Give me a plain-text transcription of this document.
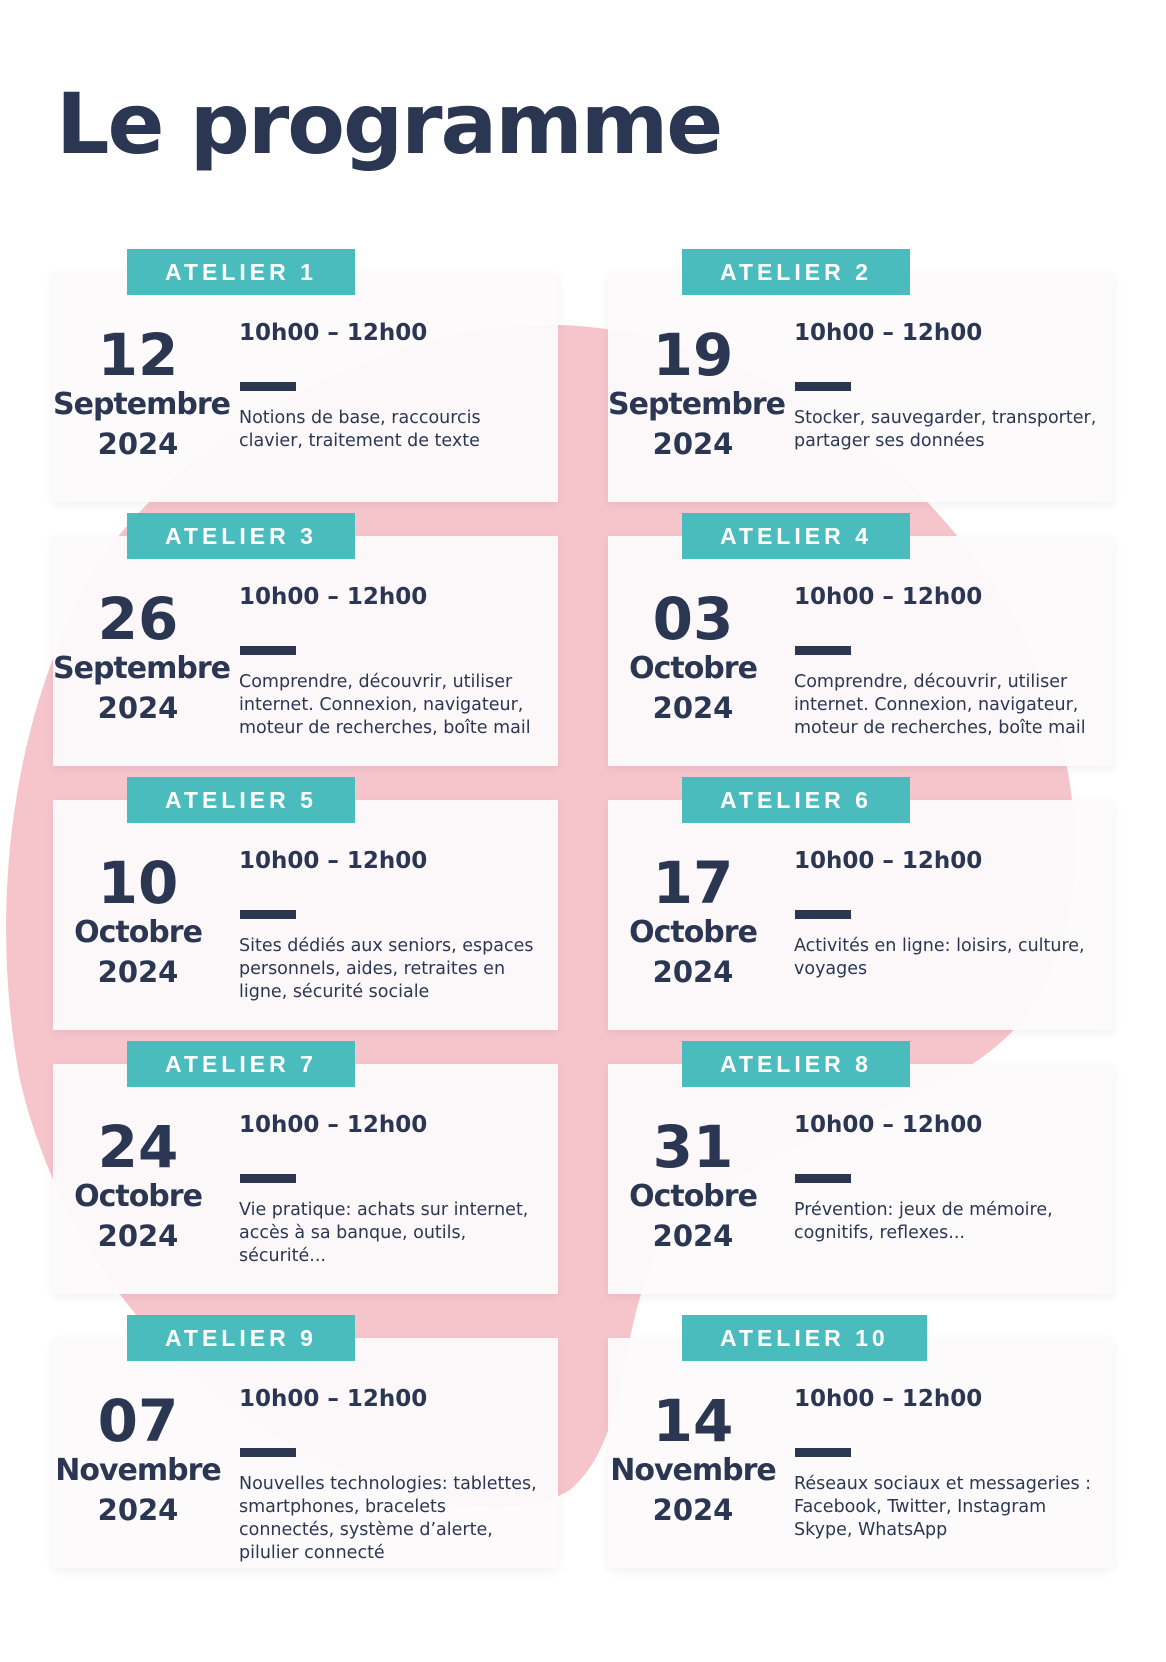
Le programme
ATELIER 1
12
Septembre
2024
10h00 – 12h00
Notions de base, raccourcis clavier, traitement de texte
ATELIER 2
19
Septembre
2024
10h00 – 12h00
Stocker, sauvegarder, transporter, partager ses données
ATELIER 3
26
Septembre
2024
10h00 – 12h00
Comprendre, découvrir, utiliser internet. Connexion, navigateur, moteur de recherches, boîte mail
ATELIER 4
03
Octobre
2024
10h00 – 12h00
Comprendre, découvrir, utiliser internet. Connexion, navigateur, moteur de recherches, boîte mail
ATELIER 5
10
Octobre
2024
10h00 – 12h00
Sites dédiés aux seniors, espaces personnels, aides, retraites en ligne, sécurité sociale
ATELIER 6
17
Octobre
2024
10h00 – 12h00
Activités en ligne: loisirs, culture, voyages
ATELIER 7
24
Octobre
2024
10h00 – 12h00
Vie pratique: achats sur internet, accès à sa banque, outils, sécurité...
ATELIER 8
31
Octobre
2024
10h00 – 12h00
Prévention: jeux de mémoire, cognitifs, reflexes...
ATELIER 9
07
Novembre
2024
10h00 – 12h00
Nouvelles technologies: tablettes, smartphones, bracelets connectés, système d’alerte, pilulier connecté
ATELIER 10
14
Novembre
2024
10h00 – 12h00
Réseaux sociaux et messageries : Facebook, Twitter, Instagram Skype, WhatsApp
